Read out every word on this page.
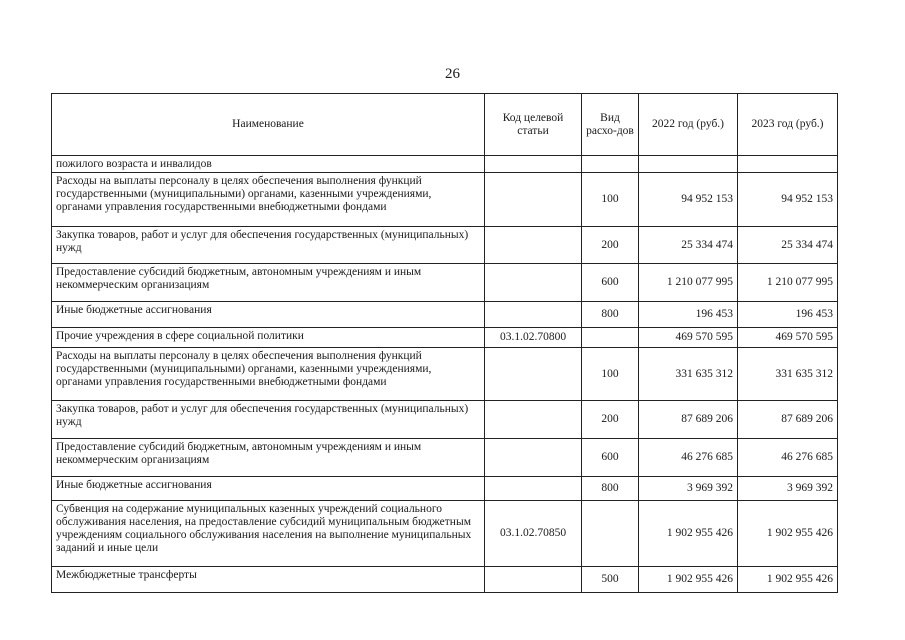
26
Наименование	Код целевой статьи	Вид расхо-дов	2022 год (руб.)	2023 год (руб.)
пожилого возраста и инвалидов				
Расходы на выплаты персоналу в целях обеспечения выполнения функций государственными (муниципальными) органами, казенными учреждениями, органами управления государственными внебюджетными фондами		100	94 952 153	94 952 153
Закупка товаров, работ и услуг для обеспечения государственных (муниципальных) нужд		200	25 334 474	25 334 474
Предоставление субсидий бюджетным, автономным учреждениям и иным некоммерческим организациям		600	1 210 077 995	1 210 077 995
Иные бюджетные ассигнования		800	196 453	196 453
Прочие учреждения в сфере социальной политики	03.1.02.70800		469 570 595	469 570 595
Расходы на выплаты персоналу в целях обеспечения выполнения функций государственными (муниципальными) органами, казенными учреждениями, органами управления государственными внебюджетными фондами		100	331 635 312	331 635 312
Закупка товаров, работ и услуг для обеспечения государственных (муниципальных) нужд		200	87 689 206	87 689 206
Предоставление субсидий бюджетным, автономным учреждениям и иным некоммерческим организациям		600	46 276 685	46 276 685
Иные бюджетные ассигнования		800	3 969 392	3 969 392
Субвенция на содержание муниципальных казенных учреждений социального обслуживания населения, на предоставление субсидий муниципальным бюджетным учреждениям социального обслуживания населения на выполнение муниципальных заданий и иные цели	03.1.02.70850		1 902 955 426	1 902 955 426
Межбюджетные трансферты		500	1 902 955 426	1 902 955 426
